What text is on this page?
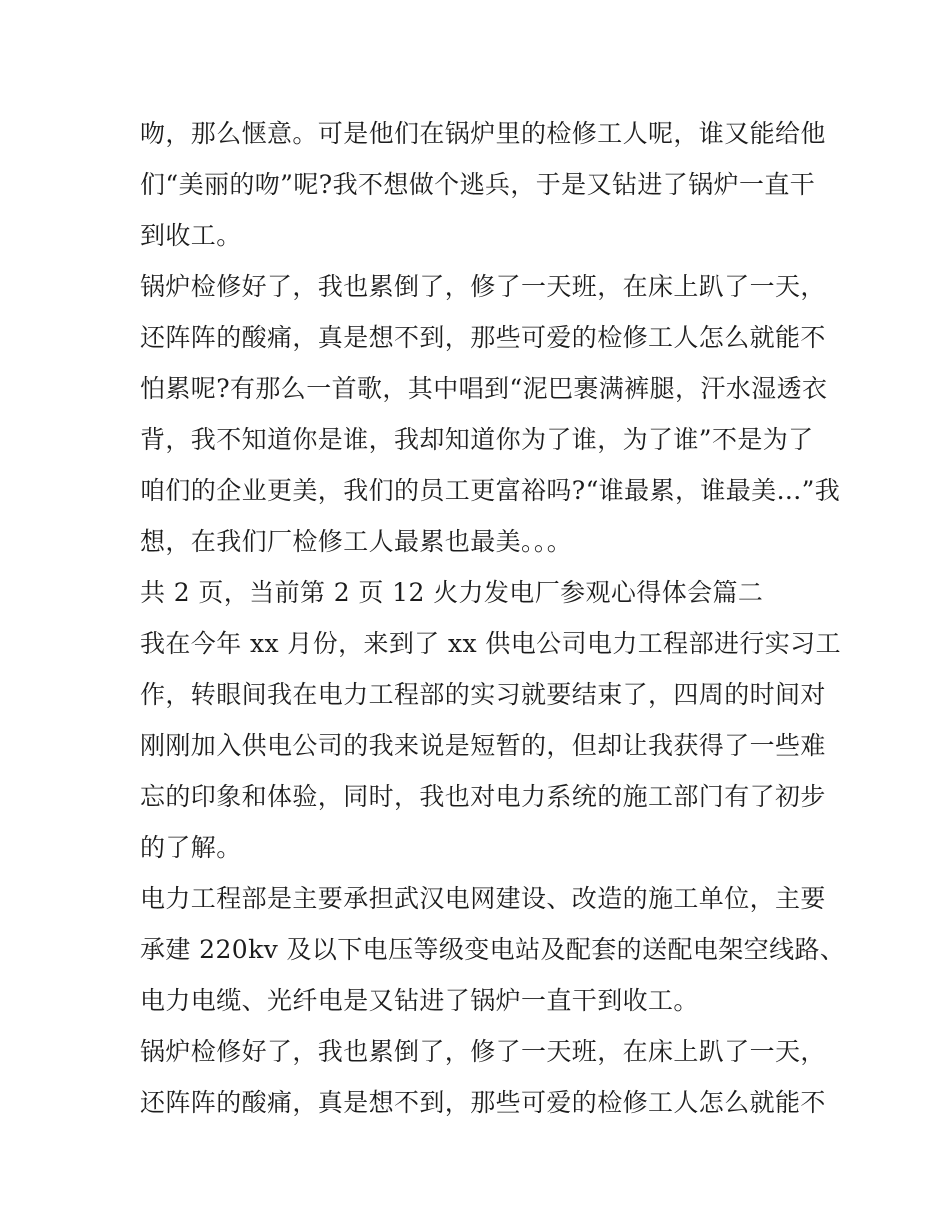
吻，那么惬意。可是他们在锅炉里的检修工人呢，谁又能给他
们“美丽的吻”呢?我不想做个逃兵，于是又钻进了锅炉一直干
到收工。
锅炉检修好了，我也累倒了，修了一天班，在床上趴了一天，
还阵阵的酸痛，真是想不到，那些可爱的检修工人怎么就能不
怕累呢?有那么一首歌，其中唱到“泥巴裹满裤腿，汗水湿透衣
背，我不知道你是谁，我却知道你为了谁，为了谁”不是为了
咱们的企业更美，我们的员工更富裕吗?“谁最累，谁最美...”我
想，在我们厂检修工人最累也最美。。。
共 2 页，当前第 2 页 12 火力发电厂参观心得体会篇二
我在今年 xx 月份，来到了 xx 供电公司电力工程部进行实习工
作，转眼间我在电力工程部的实习就要结束了，四周的时间对
刚刚加入供电公司的我来说是短暂的，但却让我获得了一些难
忘的印象和体验，同时，我也对电力系统的施工部门有了初步
的了解。
电力工程部是主要承担武汉电网建设、改造的施工单位，主要
承建 220kv 及以下电压等级变电站及配套的送配电架空线路、
电力电缆、光纤电是又钻进了锅炉一直干到收工。
锅炉检修好了，我也累倒了，修了一天班，在床上趴了一天，
还阵阵的酸痛，真是想不到，那些可爱的检修工人怎么就能不
